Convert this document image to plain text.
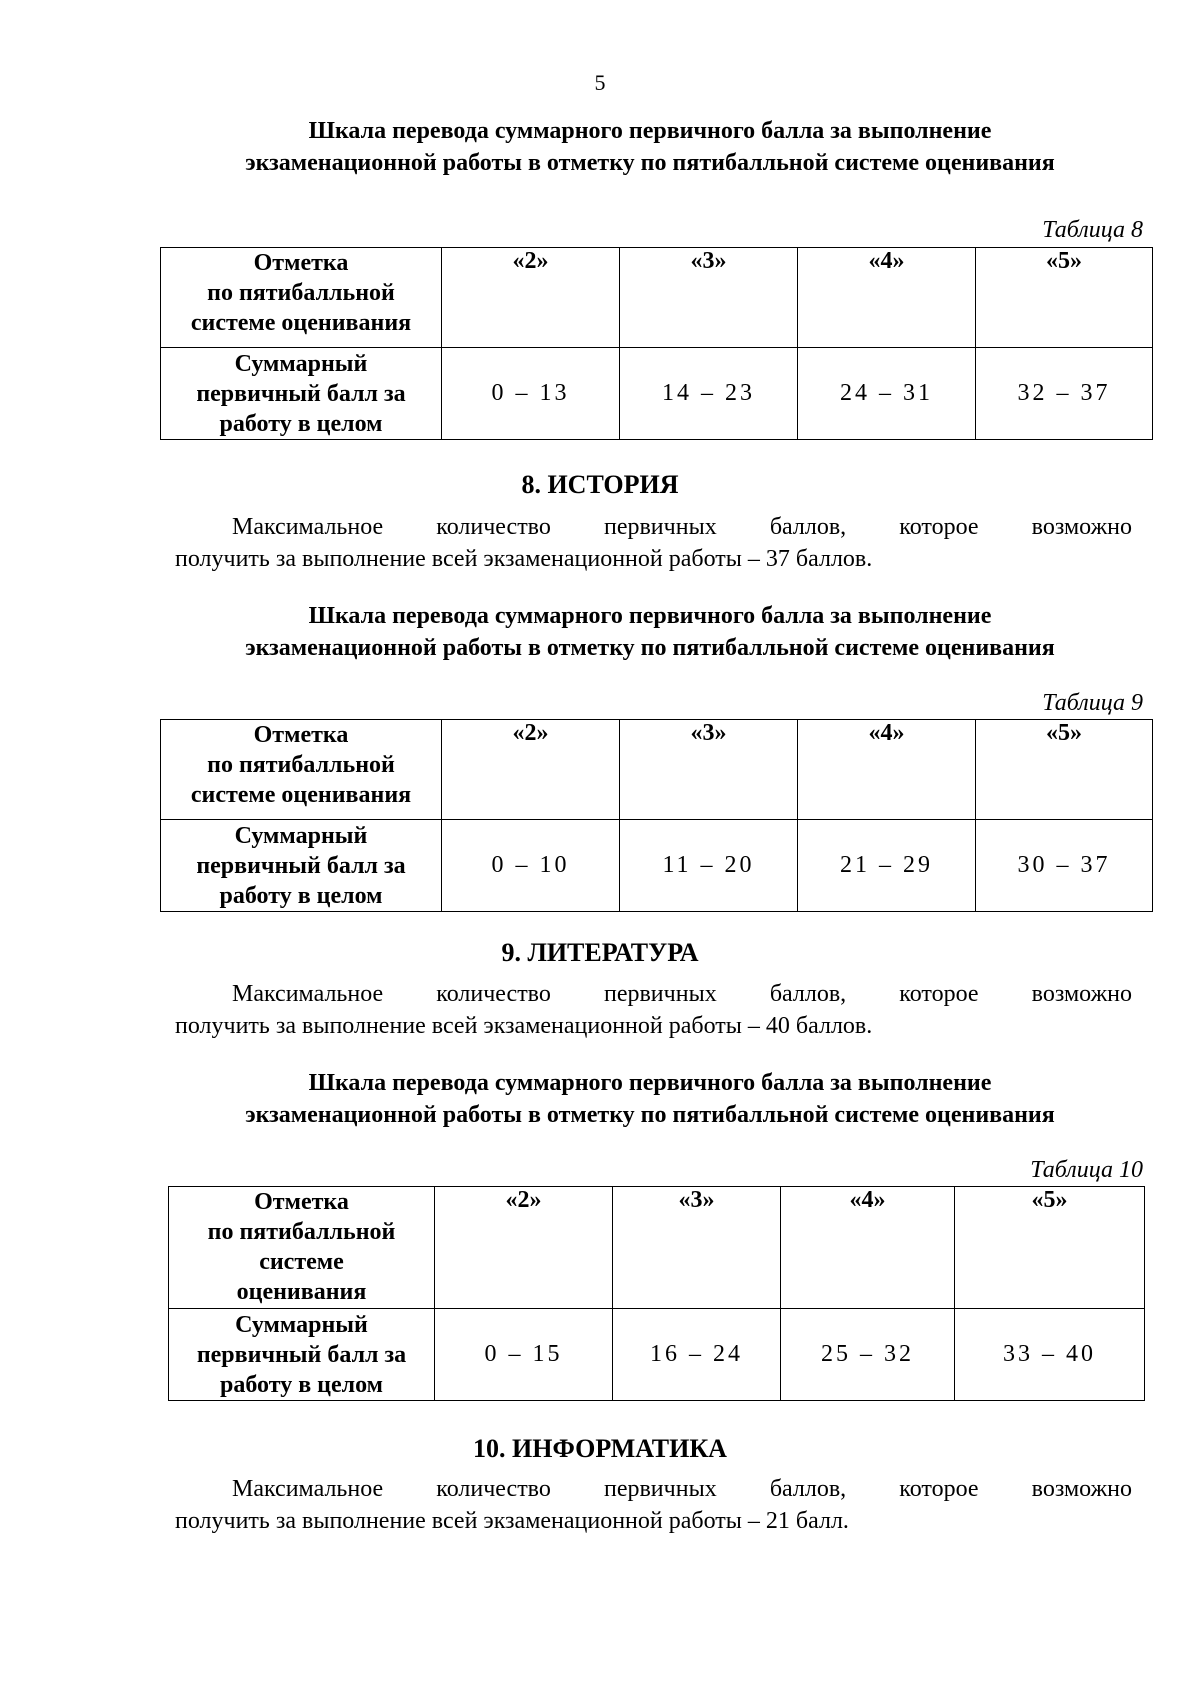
5
Шкала перевода суммарного первичного балла за выполнение
экзаменационной работы в отметку по пятибалльной системе оценивания
Таблица 8
Отметка
по пятибалльной
системе оценивания	«2»	«3»	«4»	«5»

Суммарный
первичный балл за
работу в целом	0 – 13	14 – 23	24 – 31	32 – 37
8. ИСТОРИЯ
Максимальное количество первичных баллов, которое возможно
получить за выполнение всей экзаменационной работы – 37 баллов.
Шкала перевода суммарного первичного балла за выполнение
экзаменационной работы в отметку по пятибалльной системе оценивания
Таблица 9
Отметка
по пятибалльной
системе оценивания	«2»	«3»	«4»	«5»

Суммарный
первичный балл за
работу в целом	0 – 10	11 – 20	21 – 29	30 – 37
9. ЛИТЕРАТУРА
Максимальное количество первичных баллов, которое возможно
получить за выполнение всей экзаменационной работы – 40 баллов.
Шкала перевода суммарного первичного балла за выполнение
экзаменационной работы в отметку по пятибалльной системе оценивания
Таблица 10
Отметка
по пятибалльной
системе
оценивания	«2»	«3»	«4»	«5»

Суммарный
первичный балл за
работу в целом	0 – 15	16 – 24	25 – 32	33 – 40
10. ИНФОРМАТИКА
Максимальное количество первичных баллов, которое возможно
получить за выполнение всей экзаменационной работы – 21 балл.
